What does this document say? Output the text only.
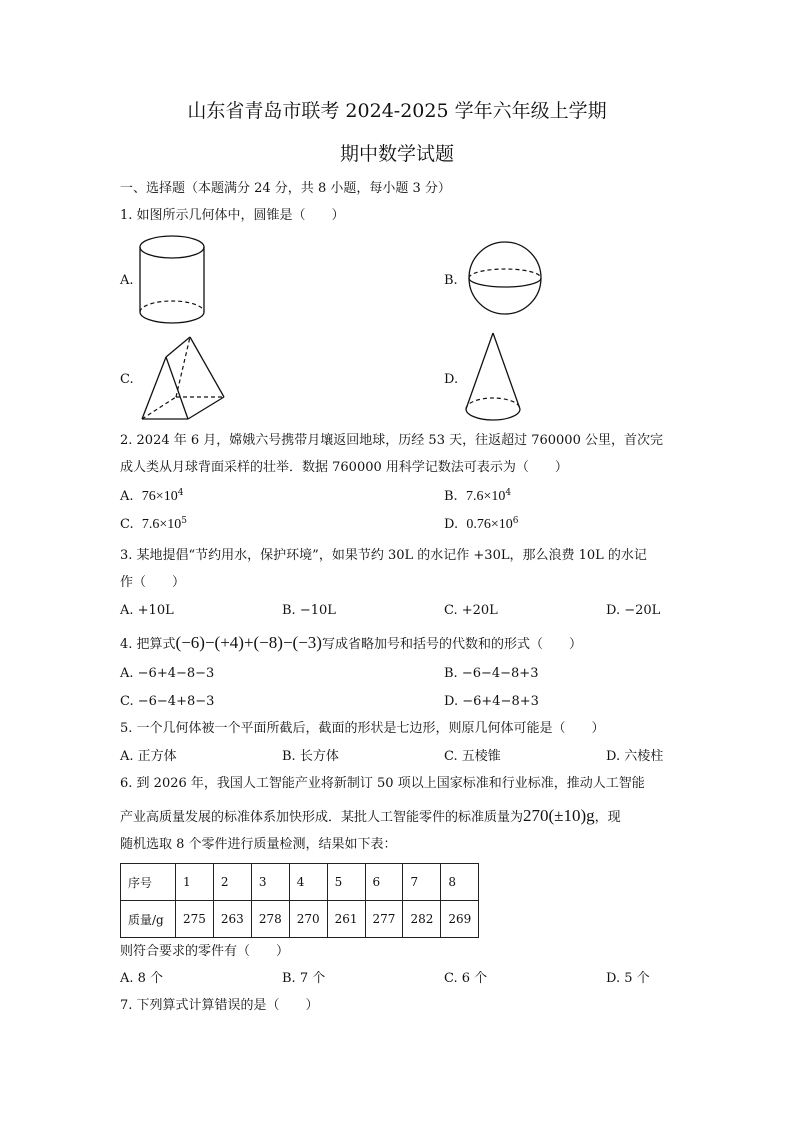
山东省青岛市联考 2024-2025 学年六年级上学期
期中数学试题
一、选择题（本题满分 24 分，共 8 小题，每小题 3 分）
1. 如图所示几何体中，圆锥是（　　）
A.	B.
C.	D.
2. 2024 年 6 月，嫦娥六号携带月壤返回地球，历经 53 天，往返超过 760000 公里，首次完
成人类从月球背面采样的壮举．数据 760000 用科学记数法可表示为（　　）
A. $76\times 10^4$	B. $7.6\times 10^4$
C. $7.6\times 10^5$	D. $0.76\times 10^6$
3. 某地提倡“节约用水，保护环境”，如果节约 30L 的水记作 +30L，那么浪费 10L 的水记
作（　　）
A. +10L	B. −10L	C. +20L	D. −20L
4. 把算式(−6)−(+4)+(−8)−(−3)写成省略加号和括号的代数和的形式（　　）
A. −6+4−8−3	B. −6−4−8+3
C. −6−4+8−3	D. −6+4−8+3
5. 一个几何体被一个平面所截后，截面的形状是七边形，则原几何体可能是（　　）
A. 正方体	B. 长方体	C. 五棱锥	D. 六棱柱
6. 到 2026 年，我国人工智能产业将新制订 50 项以上国家标准和行业标准，推动人工智能
产业高质量发展的标准体系加快形成．某批人工智能零件的标准质量为270(±10)g，现
随机选取 8 个零件进行质量检测，结果如下表：
序号	1	2	3	4	5	6	7	8
质量/g	275	263	278	270	261	277	282	269
则符合要求的零件有（　　）
A. 8 个	B. 7 个	C. 6 个	D. 5 个
7. 下列算式计算错误的是（　　）
